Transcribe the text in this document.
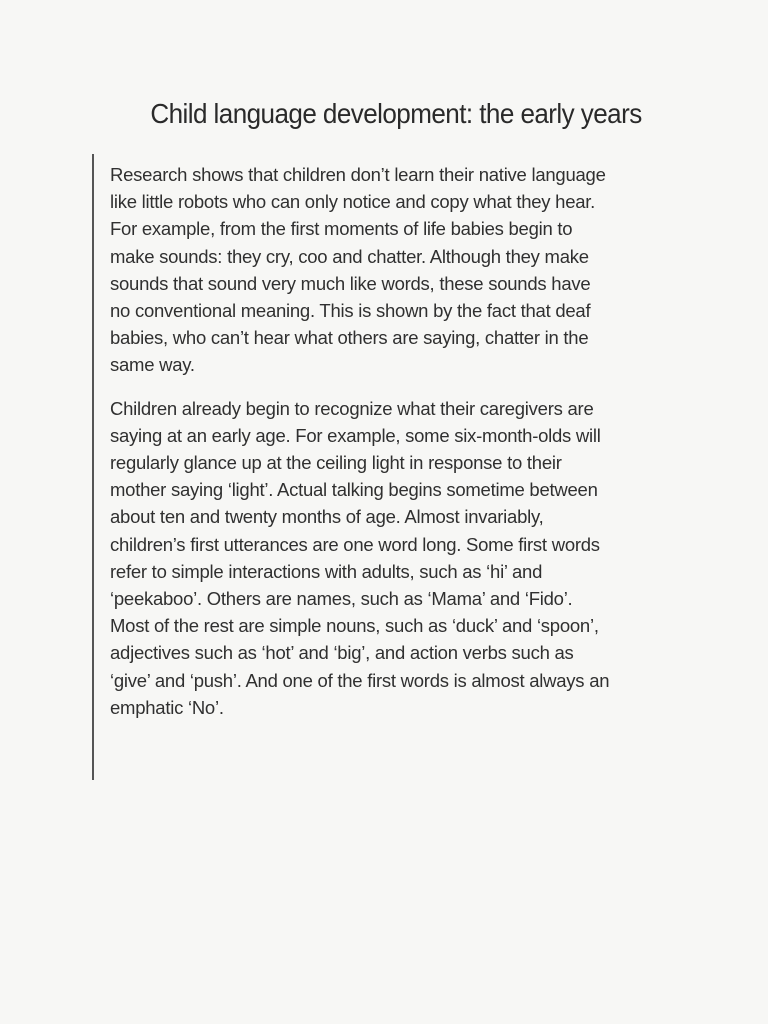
Child language development: the early years

Research shows that children don’t learn their native language like little robots who can only notice and copy what they hear. For example, from the first moments of life babies begin to make sounds: they cry, coo and chatter. Although they make sounds that sound very much like words, these sounds have no conventional meaning. This is shown by the fact that deaf babies, who can’t hear what others are saying, chatter in the same way.

Children already begin to recognize what their caregivers are saying at an early age. For example, some six-month-olds will regularly glance up at the ceiling light in response to their mother saying ‘light’. Actual talking begins sometime between about ten and twenty months of age. Almost invariably, children’s first utterances are one word long. Some first words refer to simple interactions with adults, such as ‘hi’ and ‘peekaboo’. Others are names, such as ‘Mama’ and ‘Fido’. Most of the rest are simple nouns, such as ‘duck’ and ‘spoon’, adjectives such as ‘hot’ and ‘big’, and action verbs such as ‘give’ and ‘push’. And one of the first words is almost always an emphatic ‘No’.
